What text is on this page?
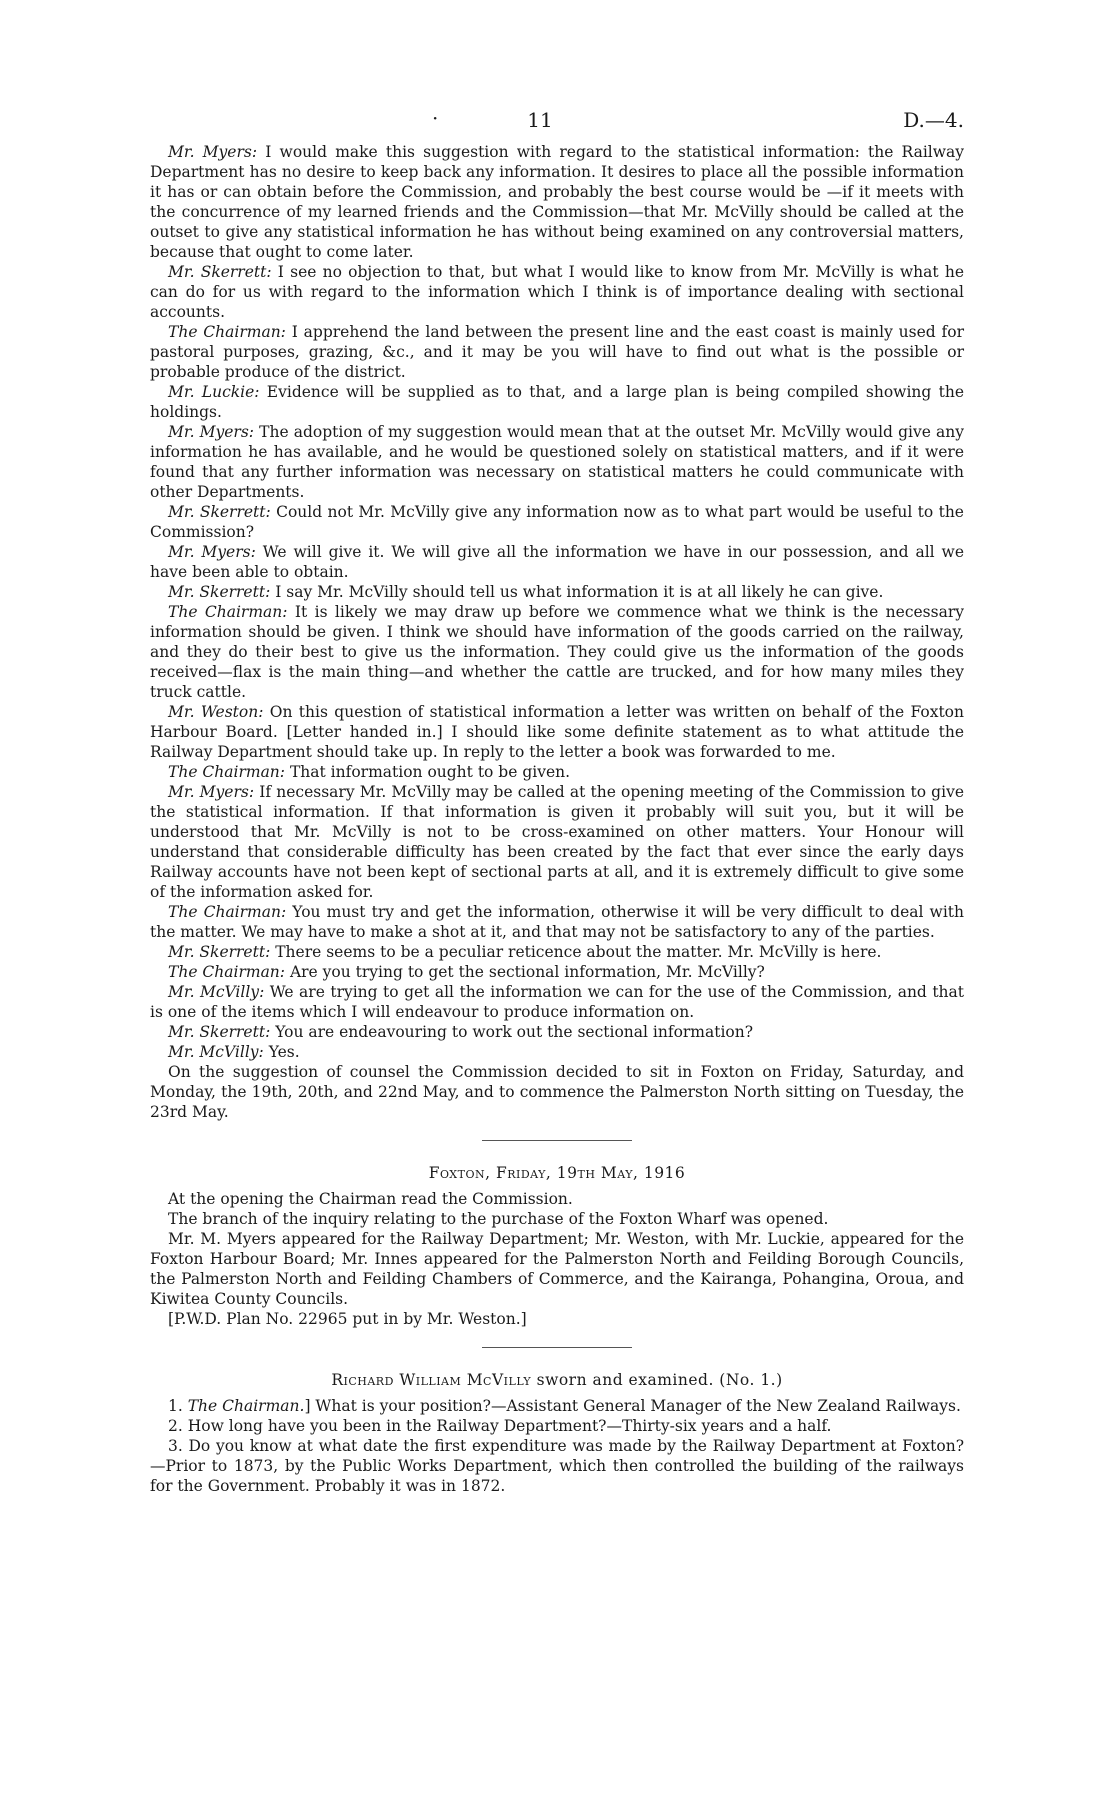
·	11	D.—4.

Mr. Myers: I would make this suggestion with regard to the statistical information: the Railway Department has no desire to keep back any information. It desires to place all the possible information it has or can obtain before the Commission, and probably the best course would be —if it meets with the concurrence of my learned friends and the Commission—that Mr. McVilly should be called at the outset to give any statistical information he has without being examined on any controversial matters, because that ought to come later.

Mr. Skerrett: I see no objection to that, but what I would like to know from Mr. McVilly is what he can do for us with regard to the information which I think is of importance dealing with sectional accounts.

The Chairman: I apprehend the land between the present line and the east coast is mainly used for pastoral purposes, grazing, &c., and it may be you will have to find out what is the possible or probable produce of the district.

Mr. Luckie: Evidence will be supplied as to that, and a large plan is being compiled showing the holdings.

Mr. Myers: The adoption of my suggestion would mean that at the outset Mr. McVilly would give any information he has available, and he would be questioned solely on statistical matters, and if it were found that any further information was necessary on statistical matters he could communicate with other Departments.

Mr. Skerrett: Could not Mr. McVilly give any information now as to what part would be useful to the Commission?

Mr. Myers: We will give it. We will give all the information we have in our possession, and all we have been able to obtain.

Mr. Skerrett: I say Mr. McVilly should tell us what information it is at all likely he can give.

The Chairman: It is likely we may draw up before we commence what we think is the necessary information should be given. I think we should have information of the goods carried on the railway, and they do their best to give us the information. They could give us the information of the goods received—flax is the main thing—and whether the cattle are trucked, and for how many miles they truck cattle.

Mr. Weston: On this question of statistical information a letter was written on behalf of the Foxton Harbour Board. [Letter handed in.] I should like some definite statement as to what attitude the Railway Department should take up. In reply to the letter a book was forwarded to me.

The Chairman: That information ought to be given.

Mr. Myers: If necessary Mr. McVilly may be called at the opening meeting of the Commission to give the statistical information. If that information is given it probably will suit you, but it will be understood that Mr. McVilly is not to be cross-examined on other matters. Your Honour will understand that considerable difficulty has been created by the fact that ever since the early days Railway accounts have not been kept of sectional parts at all, and it is extremely difficult to give some of the information asked for.

The Chairman: You must try and get the information, otherwise it will be very difficult to deal with the matter. We may have to make a shot at it, and that may not be satisfactory to any of the parties.

Mr. Skerrett: There seems to be a peculiar reticence about the matter. Mr. McVilly is here.

The Chairman: Are you trying to get the sectional information, Mr. McVilly?

Mr. McVilly: We are trying to get all the information we can for the use of the Commission, and that is one of the items which I will endeavour to produce information on.

Mr. Skerrett: You are endeavouring to work out the sectional information?

Mr. McVilly: Yes.

On the suggestion of counsel the Commission decided to sit in Foxton on Friday, Saturday, and Monday, the 19th, 20th, and 22nd May, and to commence the Palmerston North sitting on Tuesday, the 23rd May.

Foxton, Friday, 19th May, 1916

At the opening the Chairman read the Commission.

The branch of the inquiry relating to the purchase of the Foxton Wharf was opened.

Mr. M. Myers appeared for the Railway Department; Mr. Weston, with Mr. Luckie, appeared for the Foxton Harbour Board; Mr. Innes appeared for the Palmerston North and Feilding Borough Councils, the Palmerston North and Feilding Chambers of Commerce, and the Kairanga, Pohangina, Oroua, and Kiwitea County Councils.

[P.W.D. Plan No. 22965 put in by Mr. Weston.]

Richard William McVilly sworn and examined. (No. 1.)

1. The Chairman.] What is your position?—Assistant General Manager of the New Zealand Railways.

2. How long have you been in the Railway Department?—Thirty-six years and a half.

3. Do you know at what date the first expenditure was made by the Railway Department at Foxton?—Prior to 1873, by the Public Works Department, which then controlled the building of the railways for the Government. Probably it was in 1872.
